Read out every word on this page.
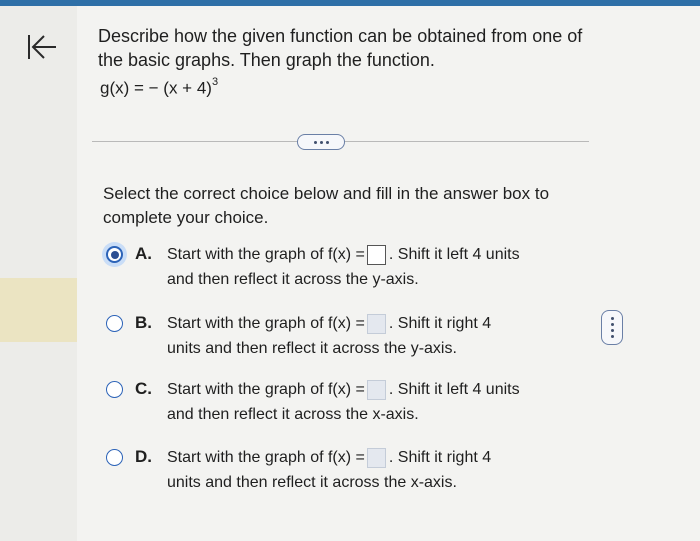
Describe how the given function can be obtained from one of the basic graphs. Then graph the function.
g(x) = − $(x + 4)^3$
Select the correct choice below and fill in the answer box to complete your choice.
A. Start with the graph of f(x) = . Shift it left 4 units
and then reflect it across the y-axis.
B. Start with the graph of f(x) = . Shift it right 4
units and then reflect it across the y-axis.
C. Start with the graph of f(x) = . Shift it left 4 units
and then reflect it across the x-axis.
D. Start with the graph of f(x) = . Shift it right 4
units and then reflect it across the x-axis.
